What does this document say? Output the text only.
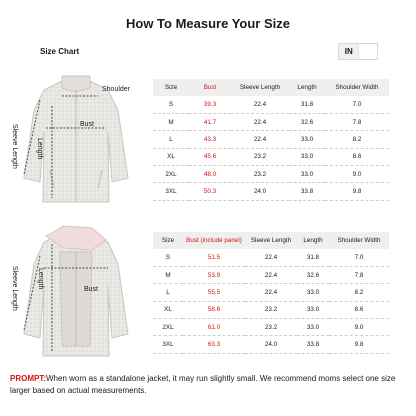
How To Measure Your Size
Size Chart	IN
Shoulder
Bust
Length
Sleeve Length
Sleeve Length	Length
Bust
Size	Bust	Sleeve Length	Length	Shoulder Width
S	39.3	22.4	31.8	7.0
M	41.7	22.4	32.6	7.8
L	43.3	22.4	33.0	8.2
XL	45.6	23.2	33.0	8.6
2XL	48.0	23.2	33.0	9.0
3XL	50.3	24.0	33.8	9.8
Size	Bust (include panel)	Sleeve Length	Length	Shoulder Width
S	51.5	22.4	31.8	7.0
M	53.9	22.4	32.6	7.8
L	55.5	22.4	33.0	8.2
XL	58.6	23.2	33.0	8.6
2XL	61.0	23.2	33.0	9.0
3XL	63.3	24.0	33.8	9.8
PROMPT:When worn as a standalone jacket, it may run slightly small. We recommend moms select one size larger based on actual measurements.
